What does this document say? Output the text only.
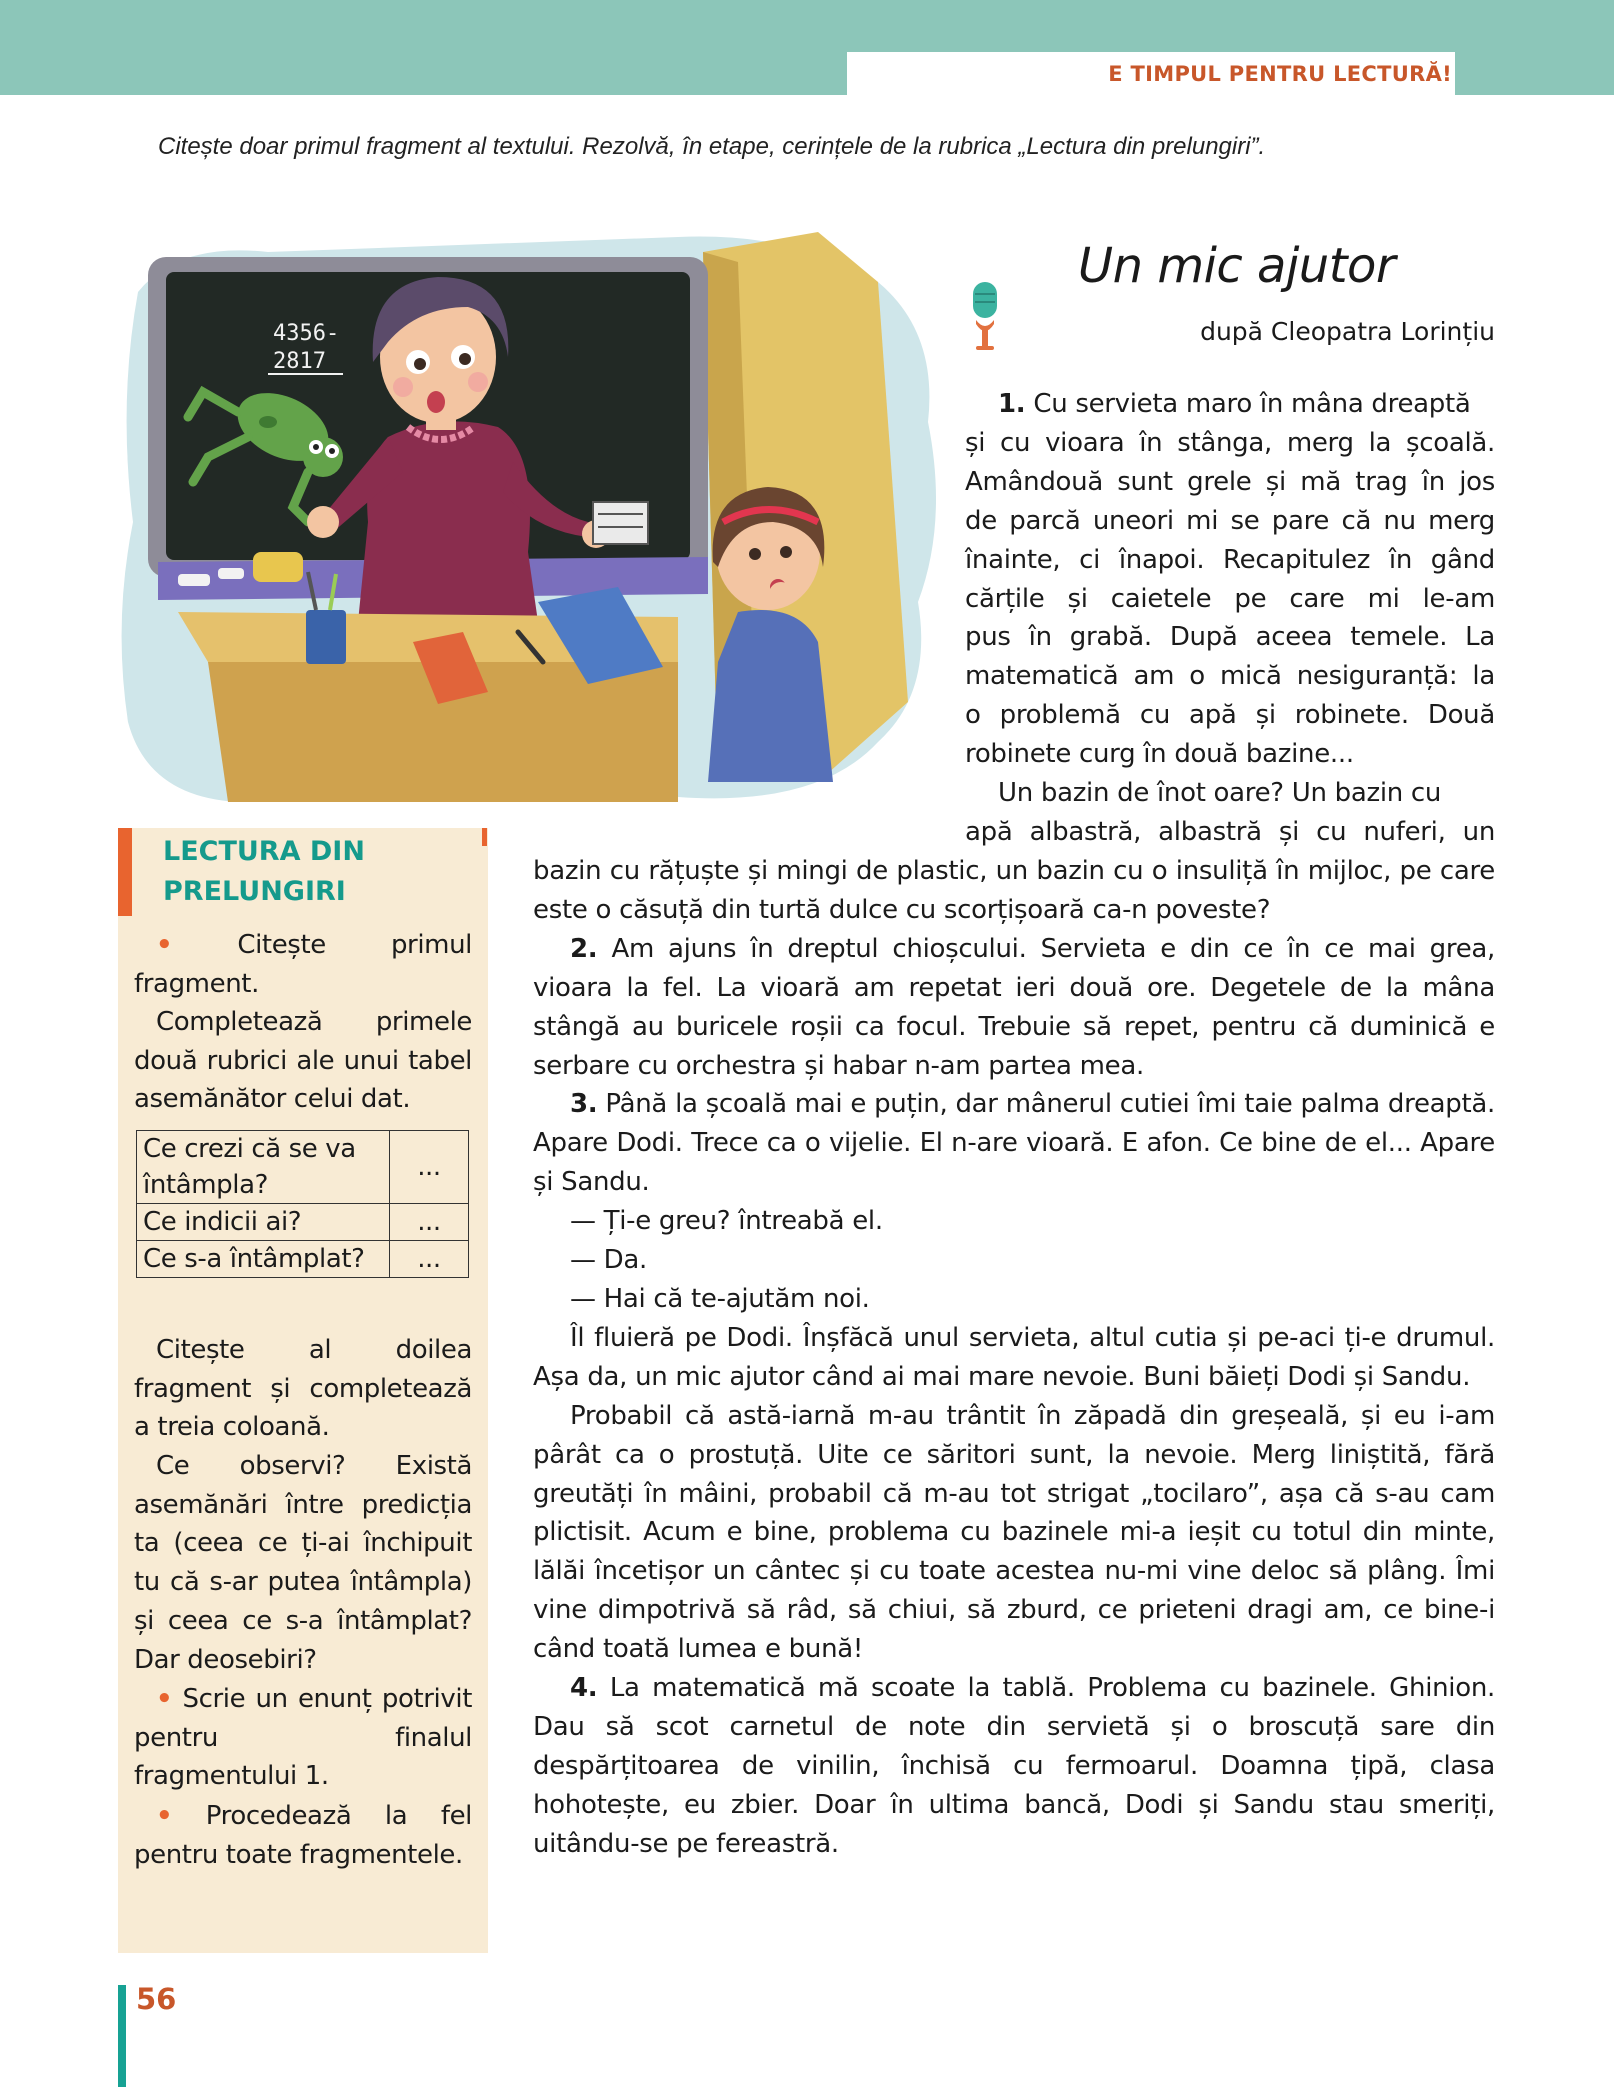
E TIMPUL PENTRU LECTURĂ!
Citește doar primul fragment al textului. Rezolvă, în etape, cerințele de la rubrica „Lectura din prelungiri”.
4356-
2817
Un mic ajutor
după Cleopatra Lorințiu
1. Cu servieta maro în mâna dreaptă
și cu vioara în stânga, merg la școală.
Amândouă sunt grele și mă trag în jos
de parcă uneori mi se pare că nu merg
înainte, ci înapoi. Recapitulez în gând
cărțile și caietele pe care mi le-am
pus în grabă. După aceea temele. La
matematică am o mică nesiguranță: la
o problemă cu apă și robinete. Două
robinete curg în două bazine...
Un bazin de înot oare? Un bazin cu
apă albastră, albastră și cu nuferi, un
bazin cu rățuște și mingi de plastic, un bazin cu o insuliță în mijloc, pe care este o căsuță din turtă dulce cu scorțișoară ca-n poveste?
2. Am ajuns în dreptul chioșcului. Servieta e din ce în ce mai grea, vioara la fel. La vioară am repetat ieri două ore. Degetele de la mâna stângă au buricele roșii ca focul. Trebuie să repet, pentru că duminică e serbare cu orchestra și habar n-am partea mea.
3. Până la școală mai e puțin, dar mânerul cutiei îmi taie palma dreaptă. Apare Dodi. Trece ca o vijelie. El n-are vioară. E afon. Ce bine de el... Apare și Sandu.
— Ți-e greu? întreabă el.
— Da.
— Hai că te-ajutăm noi.
Îl fluieră pe Dodi. Înșfăcă unul servieta, altul cutia și pe-aci ți-e drumul. Așa da, un mic ajutor când ai mai mare nevoie. Buni băieți Dodi și Sandu.
Probabil că astă-iarnă m-au trântit în zăpadă din greșeală, și eu i-am pârât ca o prostuță. Uite ce săritori sunt, la nevoie. Merg liniștită, fără greutăți în mâini, probabil că m-au tot strigat „tocilaro”, așa că s-au cam plictisit. Acum e bine, problema cu bazinele mi-a ieșit cu totul din minte, lălăi încetișor un cântec și cu toate acestea nu-mi vine deloc să plâng. Îmi vine dimpotrivă să râd, să chiui, să zburd, ce prieteni dragi am, ce bine-i când toată lumea e bună!
4. La matematică mă scoate la tablă. Problema cu bazinele. Ghinion. Dau să scot carnetul de note din servietă și o broscuță sare din despărțitoarea de vinilin, închisă cu fermoarul. Doamna țipă, clasa hohotește, eu zbier. Doar în ultima bancă, Dodi și Sandu stau smeriți, uitându-se pe fereastră.
LECTURA DIN
PRELUNGIRI
•	Citește primul fragment.
Completează primele două rubrici ale unui tabel asemănător celui dat.
Ce crezi că se va întâmpla?	...
Ce indicii ai?	...
Ce s-a întâmplat?	...
Citește al doilea fragment și completează a treia coloană.
Ce observi? Există asemănări între predicția ta (ceea ce ți-ai închipuit tu că s-ar putea întâmpla) și ceea ce s-a întâmplat? Dar deosebiri?
• Scrie un enunț potrivit pentru finalul fragmentului 1.
• Procedează la fel pentru toate fragmentele.
56
